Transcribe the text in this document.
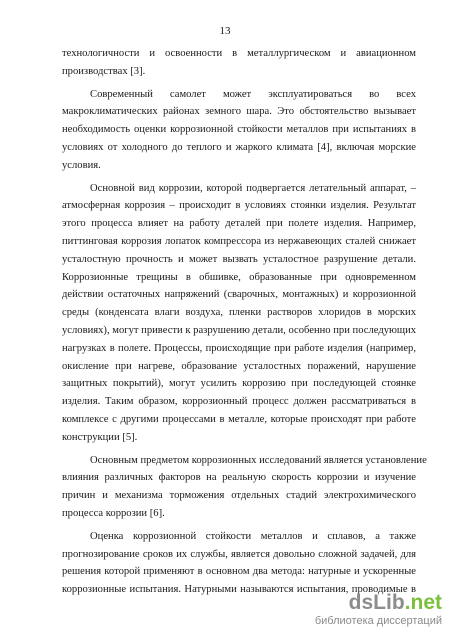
13
технологичности и освоенности в металлургическом и авиационном
производствах [3].
Современный самолет может эксплуатироваться во всех
макроклиматических районах земного шара. Это обстоятельство вызывает
необходимость оценки коррозионной стойкости металлов при испытаниях в
условиях от холодного до теплого и жаркого климата [4], включая морские
условия.
Основной вид коррозии, которой подвергается летательный аппарат, –
атмосферная коррозия – происходит в условиях стоянки изделия. Результат
этого процесса влияет на работу деталей при полете изделия. Например,
питтинговая коррозия лопаток компрессора из нержавеющих сталей снижает
усталостную прочность и может вызвать усталостное разрушение детали.
Коррозионные трещины в обшивке, образованные при одновременном
действии остаточных напряжений (сварочных, монтажных) и коррозионной
среды (конденсата влаги воздуха, пленки растворов хлоридов в морских
условиях), могут привести к разрушению детали, особенно при последующих
нагрузках в полете. Процессы, происходящие при работе изделия (например,
окисление при нагреве, образование усталостных поражений, нарушение
защитных покрытий), могут усилить коррозию при последующей стоянке
изделия. Таким образом, коррозионный процесс должен рассматриваться в
комплексе с другими процессами в металле, которые происходят при работе
конструкции [5].
Основным предметом коррозионных исследований является установление
влияния различных факторов на реальную скорость коррозии и изучение
причин и механизма торможения отдельных стадий электрохимического
процесса коррозии [6].
Оценка коррозионной стойкости металлов и сплавов, а также
прогнозирование сроков их службы, является довольно сложной задачей, для
решения которой применяют в основном два метода: натурные и ускоренные
коррозионные испытания. Натурными называются испытания, проводимые в
dsLib.net
библиотека диссертаций
